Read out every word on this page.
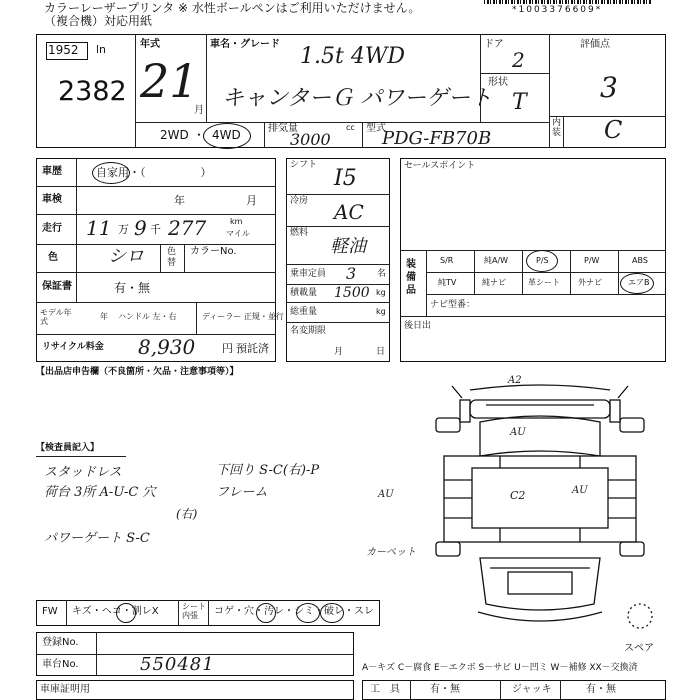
カラーレーザープリンタ
（複合機）対応用紙
※ 水性ボールペンはご利用いただけません。	*1003376609*
1952 ln
2382
年式
21
月
車名・グレード 1.5t 4WD
キャンターＧ パワーゲート
ドア
2
形状
T
評価点
3
内装 C
2WD ・ 4WD	排気量	cc
3000
型式
PDG-FB70B
車歴	自家用・（　　　　　）
車検	年	月
走行 11 万 9 千 277	km
マイル
色	シロ	色替
カラーNo.
保証書	有・無
モデル年式
年 ハンドル 左・右	ディーラー 正規・並行
リサイクル料金 8,930 円 預託済
シフト
I5
冷房 AC
燃料
軽油
乗車定員 3 名
積載量 1500 kg
総重量	kg
名変期限
月	日
セールスポイント
装備品
S/R	純A/W	P/S	P/W	ABS
純TV	純ナビ	革シート 外ナビ	エアB
ナビ型番：
後日出
【出品店申告欄（不良箇所・欠品・注意事項等）】
【検査員記入】
スタッドレス
荷台 3所 A-U-C 穴
下回り S-C(右)-P
フレーム
(右)
パワーゲート S-C
A2
AU
C2
AU	AU
カーペット
スペア
FW キズ・ヘコ・割レX	シート内張	コゲ・穴・汚レ・シミ・破レ・スレ
登録No.
車台No.	550481	A－キズ C－腐食 E－エクボ S－サビ U－凹ミ W－補修 XX－交換済
車庫証明用	工　具	有・無	ジャッキ	有・無
